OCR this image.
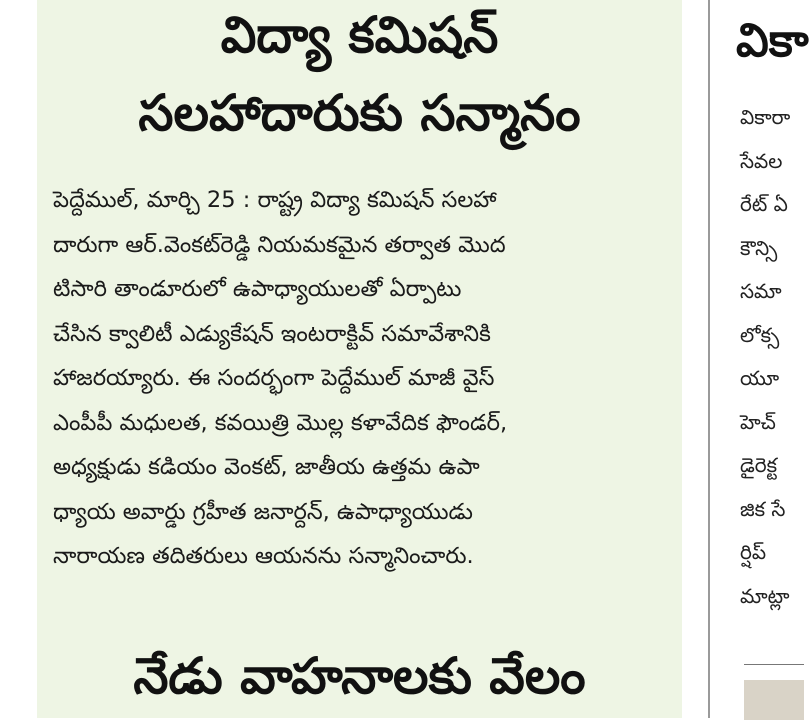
విద్యా కమిషన్
సలహాదారుకు సన్మానం
పెద్దేముల్, మార్చి 25 : రాష్ట్ర విద్యా కమిషన్ సలహా
దారుగా ఆర్.వెంకట్‌రెడ్డి నియమకమైన తర్వాత మొద
టిసారి తాండూరులో ఉపాధ్యాయులతో ఏర్పాటు
చేసిన క్వాలిటీ ఎడ్యుకేషన్ ఇంటరాక్టివ్ సమావేశానికి
హాజరయ్యారు. ఈ సందర్భంగా పెద్దేముల్ మాజీ వైస్
ఎంపీపీ మధులత, కవయిత్రి మొల్ల కళావేదిక ఫౌండర్,
అధ్యక్షుడు కడియం వెంకట్, జాతీయ ఉత్తమ ఉపా
ధ్యాయ అవార్డు గ్రహీత జనార్దన్, ఉపాధ్యాయుడు
నారాయణ తదితరులు ఆయనను సన్మానించారు.
నేడు వాహనాలకు వేలం
వికా
వికారా
సేవల
రేట్ ఏ
కౌన్సి
సమా
లోక్స
యూ
హెచ్‌
డైరెక్ట
జిక సే
ర్షిప్
మాట్లా
